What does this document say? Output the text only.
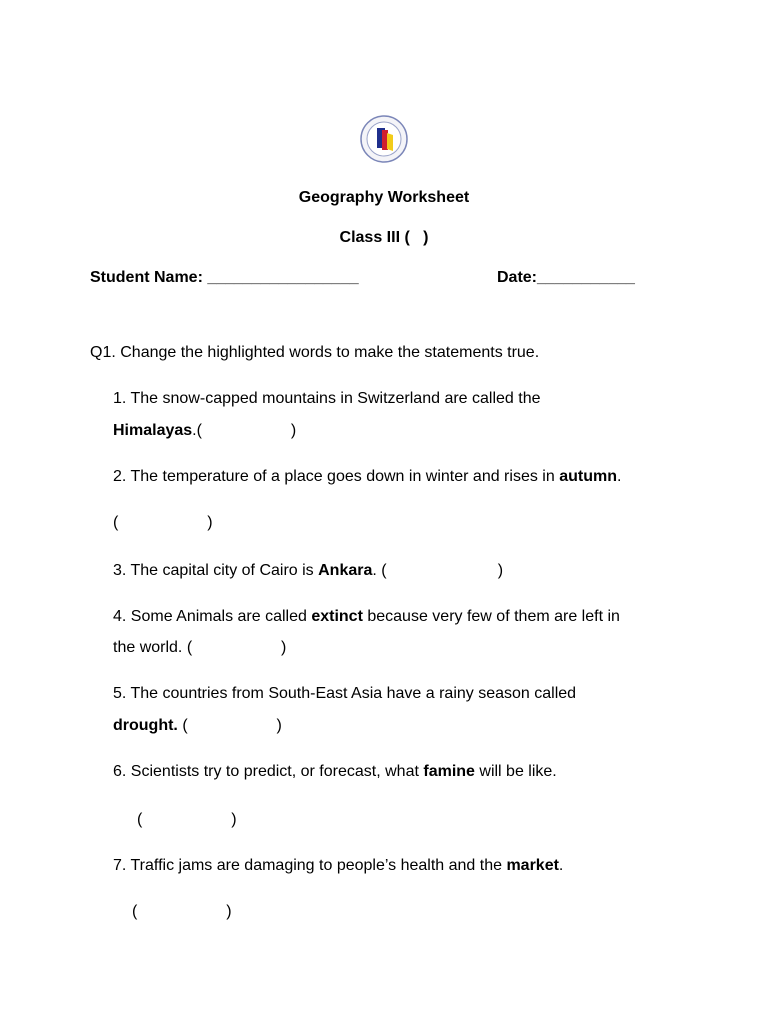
Geography Worksheet
Class III (   )
Student Name: _________________	Date:___________
Q1. Change the highlighted words to make the statements true.
1. The snow-capped mountains in Switzerland are called the
Himalayas.(                    )
2. The temperature of a place goes down in winter and rises in autumn.
(                    )
3. The capital city of Cairo is Ankara. (                         )
4. Some Animals are called extinct because very few of them are left in
the world. (                    )
5. The countries from South-East Asia have a rainy season called
drought. (                    )
6. Scientists try to predict, or forecast, what famine will be like.
(                    )
7. Traffic jams are damaging to people’s health and the market.
(                    )
